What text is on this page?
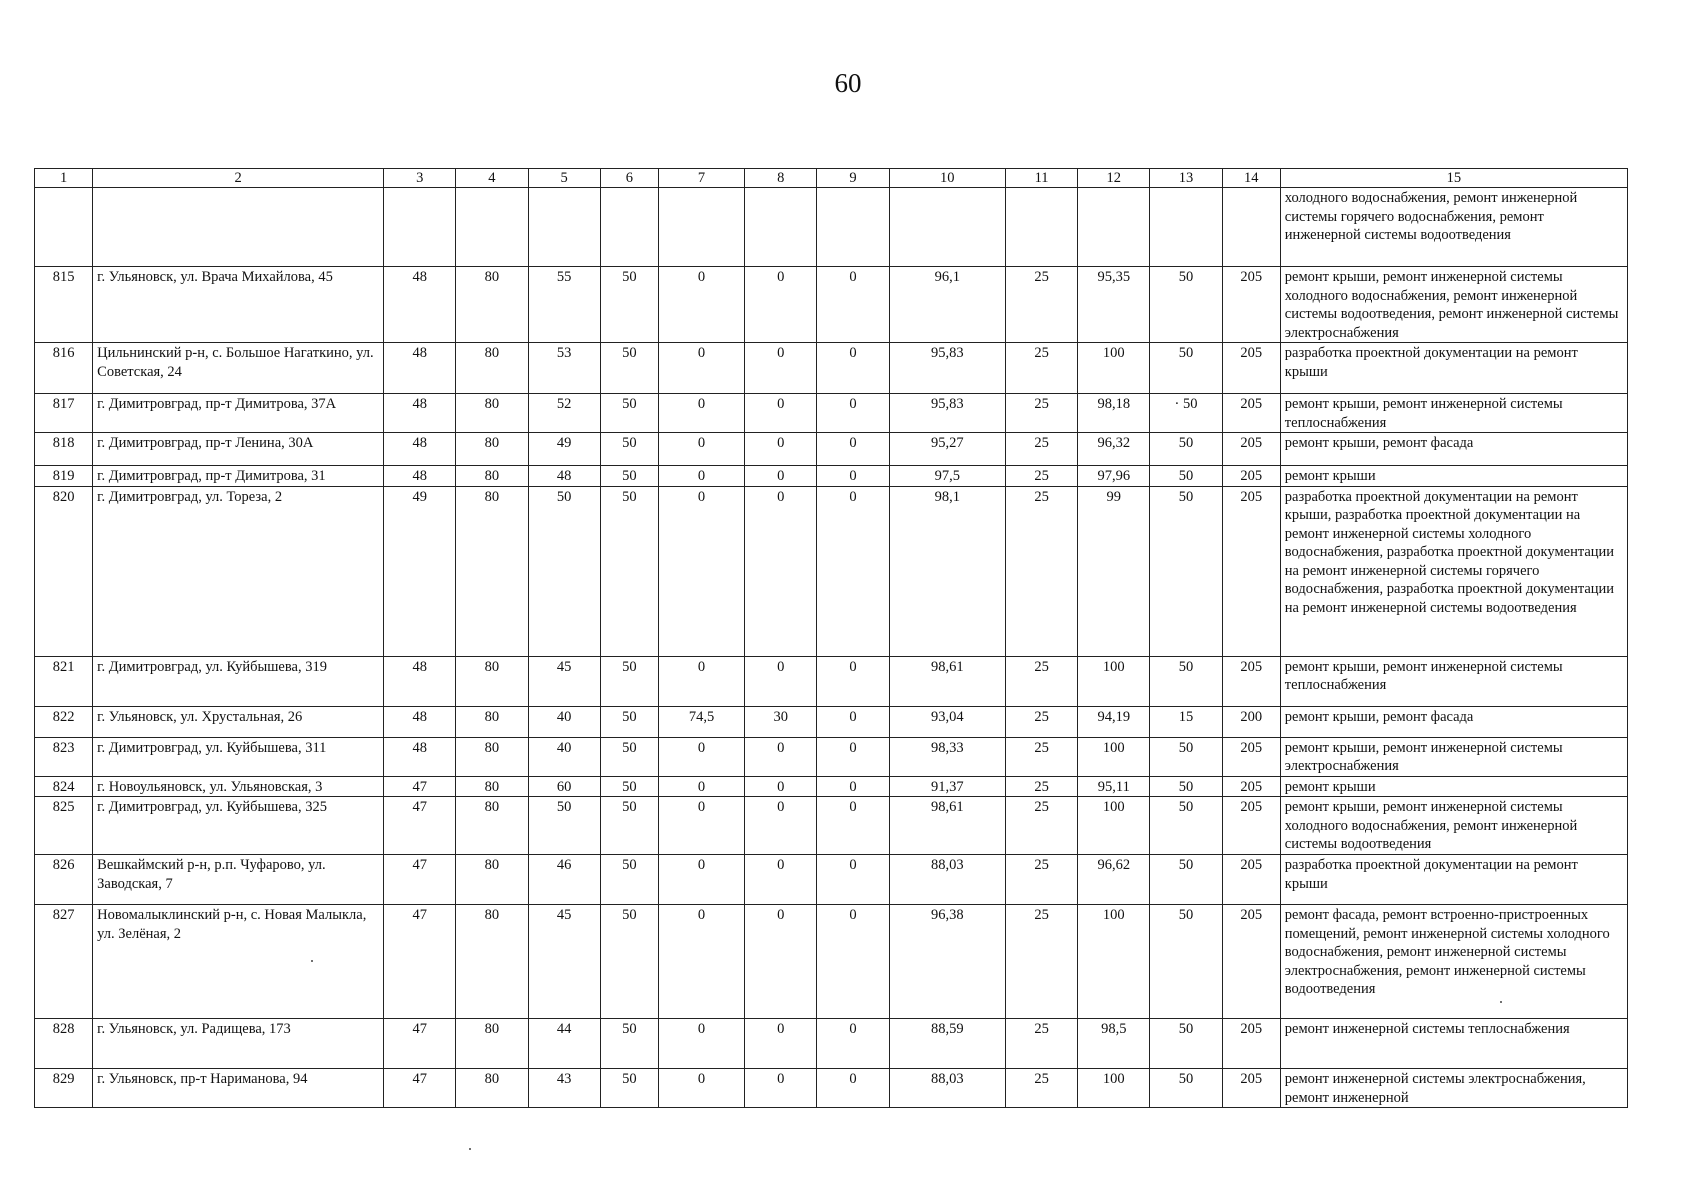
60
1	2	3	4	5	6	7	8	9	10	11	12	13	14	15
														холодного водоснабжения, ремонт инженерной системы горячего водоснабжения, ремонт инженерной системы водоотведения
815	г. Ульяновск, ул. Врача Михайлова, 45	48	80	55	50	0	0	0	96,1	25	95,35	50	205	ремонт крыши, ремонт инженерной системы холодного водоснабжения, ремонт инженерной системы водоотведения, ремонт инженерной системы электроснабжения
816	Цильнинский р-н, с. Большое Нагаткино, ул. Советская, 24	48	80	53	50	0	0	0	95,83	25	100	50	205	разработка проектной документации на ремонт крыши
817	г. Димитровград, пр-т Димитрова, 37А	48	80	52	50	0	0	0	95,83	25	98,18	· 50	205	ремонт крыши, ремонт инженерной системы теплоснабжения
818	г. Димитровград, пр-т Ленина, 30А	48	80	49	50	0	0	0	95,27	25	96,32	50	205	ремонт крыши, ремонт фасада
819	г. Димитровград, пр-т Димитрова, 31	48	80	48	50	0	0	0	97,5	25	97,96	50	205	ремонт крыши
820	г. Димитровград, ул. Тореза, 2	49	80	50	50	0	0	0	98,1	25	99	50	205	разработка проектной документации на ремонт крыши, разработка проектной документации на ремонт инженерной системы холодного водоснабжения, разработка проектной документации на ремонт инженерной системы горячего водоснабжения, разработка проектной документации на ремонт инженерной системы водоотведения
821	г. Димитровград, ул. Куйбышева, 319	48	80	45	50	0	0	0	98,61	25	100	50	205	ремонт крыши, ремонт инженерной системы теплоснабжения
822	г. Ульяновск, ул. Хрустальная, 26	48	80	40	50	74,5	30	0	93,04	25	94,19	15	200	ремонт крыши, ремонт фасада
823	г. Димитровград, ул. Куйбышева, 311	48	80	40	50	0	0	0	98,33	25	100	50	205	ремонт крыши, ремонт инженерной системы электроснабжения
824	г. Новоульяновск, ул. Ульяновская, 3	47	80	60	50	0	0	0	91,37	25	95,11	50	205	ремонт крыши
825	г. Димитровград, ул. Куйбышева, 325	47	80	50	50	0	0	0	98,61	25	100	50	205	ремонт крыши, ремонт инженерной системы холодного водоснабжения, ремонт инженерной системы водоотведения
826	Вешкаймский р-н, р.п. Чуфарово, ул. Заводская, 7	47	80	46	50	0	0	0	88,03	25	96,62	50	205	разработка проектной документации на ремонт крыши
827	Новомалыклинский р-н, с. Новая Малыкла, ул. Зелёная, 2	47	80	45	50	0	0	0	96,38	25	100	50	205	ремонт фасада, ремонт встроенно-пристроенных помещений, ремонт инженерной системы холодного водоснабжения, ремонт инженерной системы электроснабжения, ремонт инженерной системы водоотведения
828	г. Ульяновск, ул. Радищева, 173	47	80	44	50	0	0	0	88,59	25	98,5	50	205	ремонт инженерной системы теплоснабжения
829	г. Ульяновск, пр-т Нариманова, 94	47	80	43	50	0	0	0	88,03	25	100	50	205	ремонт инженерной системы электроснабжения, ремонт инженерной
